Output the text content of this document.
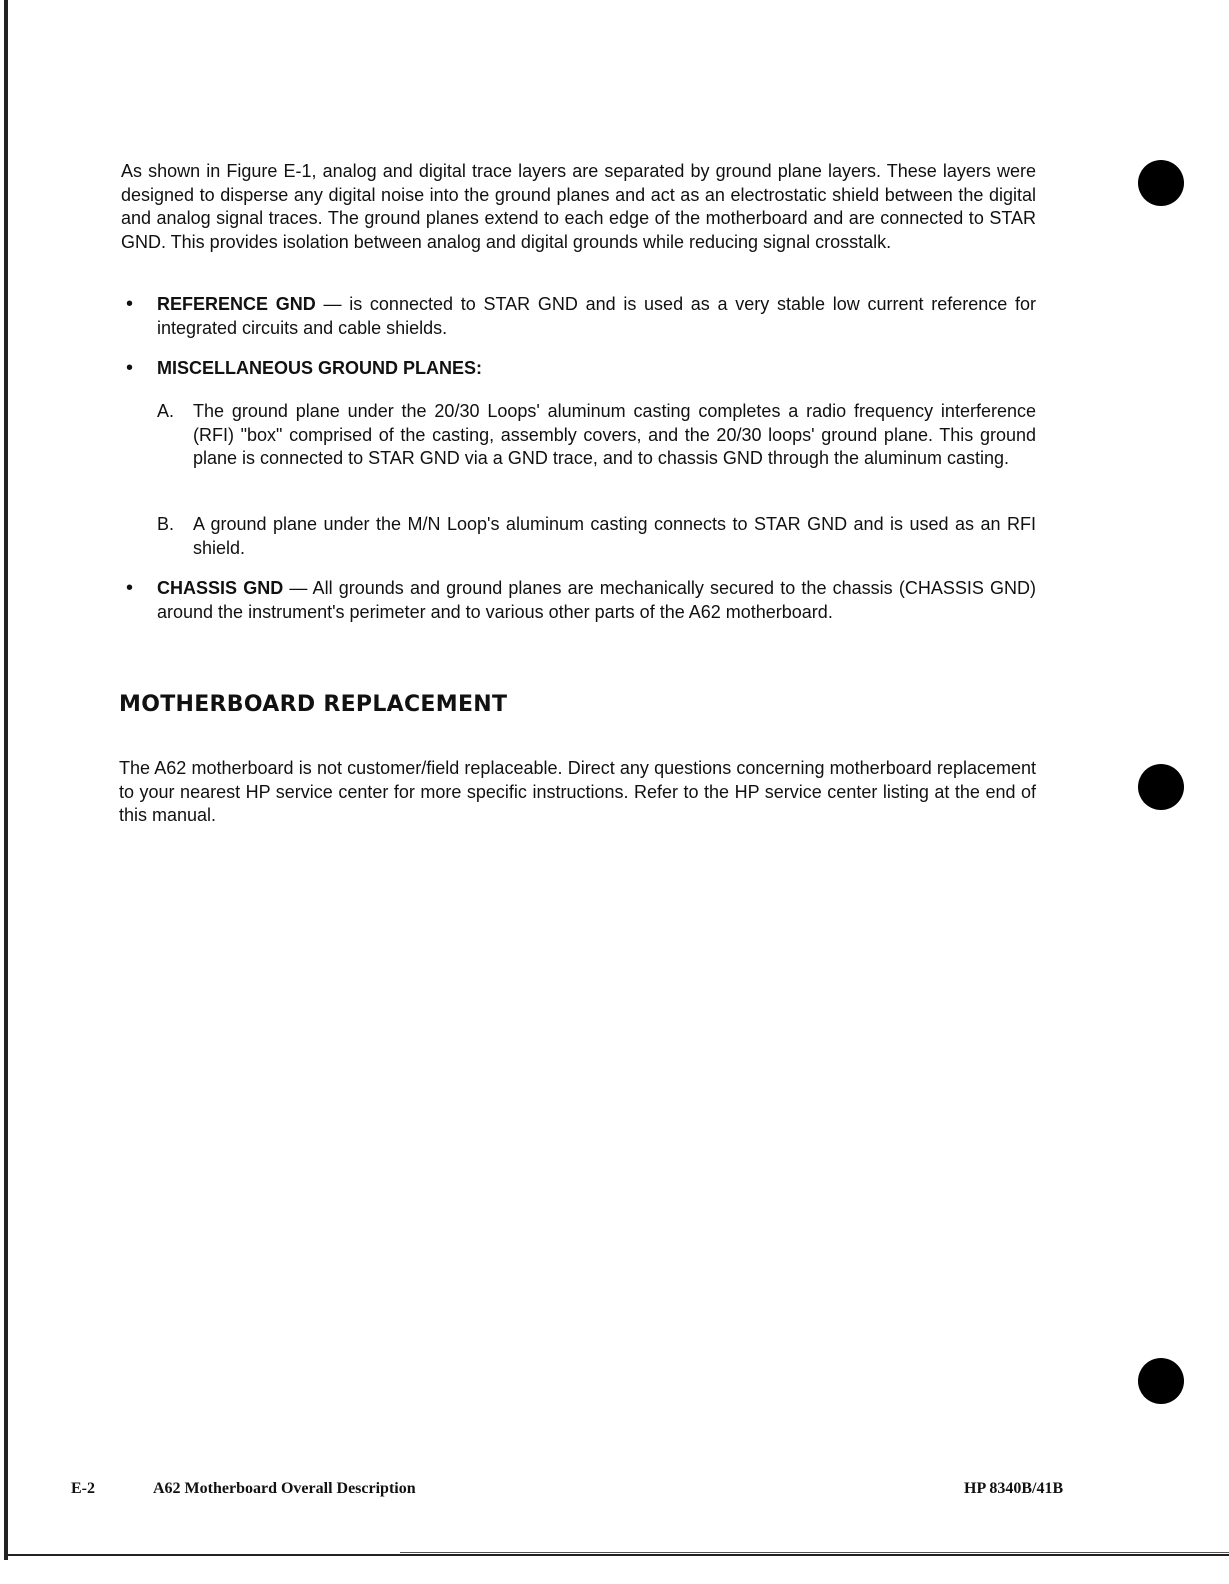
As shown in Figure E-1, analog and digital trace layers are separated by ground plane layers. These layers were designed to disperse any digital noise into the ground planes and act as an electrostatic shield between the digital and analog signal traces. The ground planes extend to each edge of the motherboard and are connected to STAR GND. This provides isolation between analog and digital grounds while reducing signal crosstalk.

•	REFERENCE GND — is connected to STAR GND and is used as a very stable low current reference for integrated circuits and cable shields.
•	MISCELLANEOUS GROUND PLANES:
A. The ground plane under the 20/30 Loops' aluminum casting completes a radio frequency interference (RFI) "box" comprised of the casting, assembly covers, and the 20/30 loops' ground plane. This ground plane is connected to STAR GND via a GND trace, and to chassis GND through the aluminum casting.
B. A ground plane under the M/N Loop's aluminum casting connects to STAR GND and is used as an RFI shield.
•	CHASSIS GND — All grounds and ground planes are mechanically secured to the chassis (CHASSIS GND) around the instrument's perimeter and to various other parts of the A62 motherboard.
MOTHERBOARD REPLACEMENT

The A62 motherboard is not customer/field replaceable. Direct any questions concerning motherboard replacement to your nearest HP service center for more specific instructions. Refer to the HP service center listing at the end of this manual.

E-2	A62 Motherboard Overall Description	HP 8340B/41B
